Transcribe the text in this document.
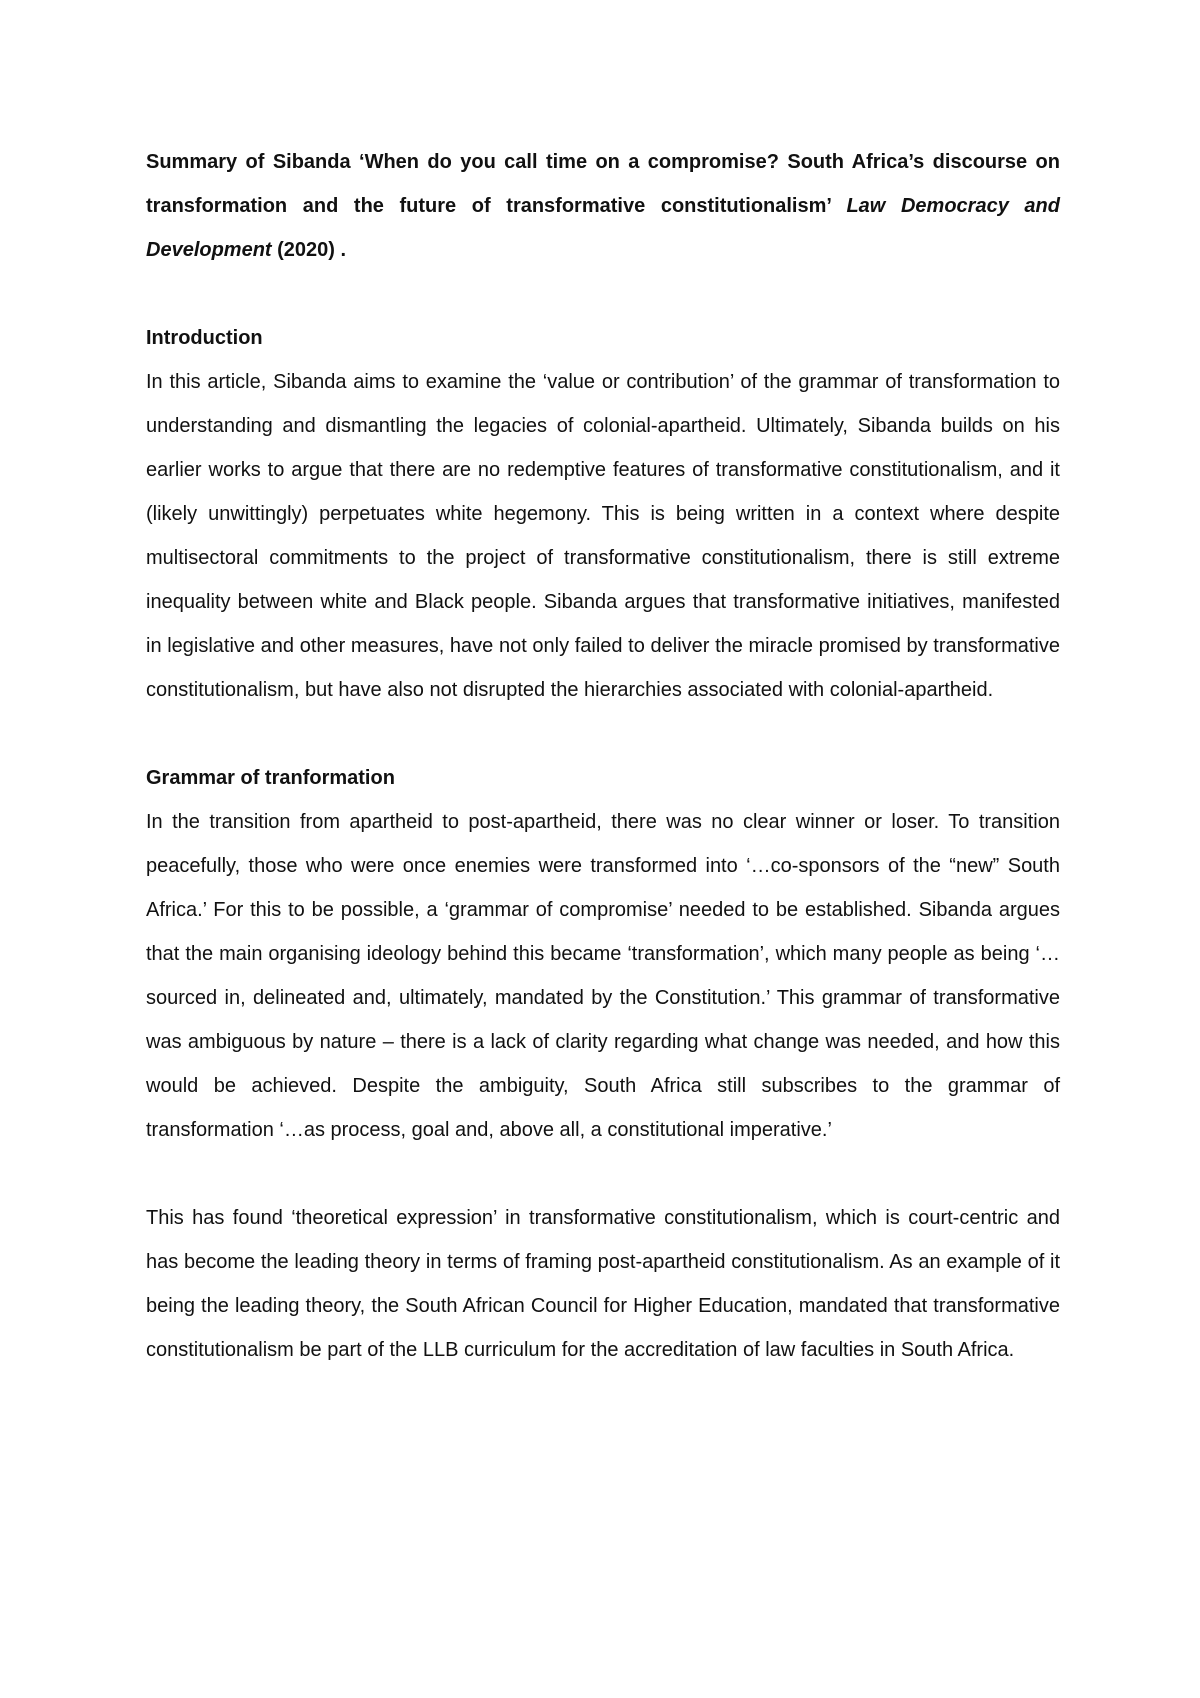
Summary of Sibanda ‘When do you call time on a compromise? South Africa’s discourse on transformation and the future of transformative constitutionalism’ Law Democracy and Development (2020) .

Introduction

In this article, Sibanda aims to examine the ‘value or contribution’ of the grammar of transformation to understanding and dismantling the legacies of colonial-apartheid. Ultimately, Sibanda builds on his earlier works to argue that there are no redemptive features of transformative constitutionalism, and it (likely unwittingly) perpetuates white hegemony. This is being written in a context where despite multisectoral commitments to the project of transformative constitutionalism, there is still extreme inequality between white and Black people. Sibanda argues that transformative initiatives, manifested in legislative and other measures, have not only failed to deliver the miracle promised by transformative constitutionalism, but have also not disrupted the hierarchies associated with colonial-apartheid.

Grammar of tranformation

In the transition from apartheid to post-apartheid, there was no clear winner or loser. To transition peacefully, those who were once enemies were transformed into ‘…co-sponsors of the “new” South Africa.’ For this to be possible, a ‘grammar of compromise’ needed to be established. Sibanda argues that the main organising ideology behind this became ‘transformation’, which many people as being ‘…sourced in, delineated and, ultimately, mandated by the Constitution.’ This grammar of transformative was ambiguous by nature – there is a lack of clarity regarding what change was needed, and how this would be achieved. Despite the ambiguity, South Africa still subscribes to the grammar of transformation ‘…as process, goal and, above all, a constitutional imperative.’

This has found ‘theoretical expression’ in transformative constitutionalism, which is court-centric and has become the leading theory in terms of framing post-apartheid constitutionalism. As an example of it being the leading theory, the South African Council for Higher Education, mandated that transformative constitutionalism be part of the LLB curriculum for the accreditation of law faculties in South Africa.
